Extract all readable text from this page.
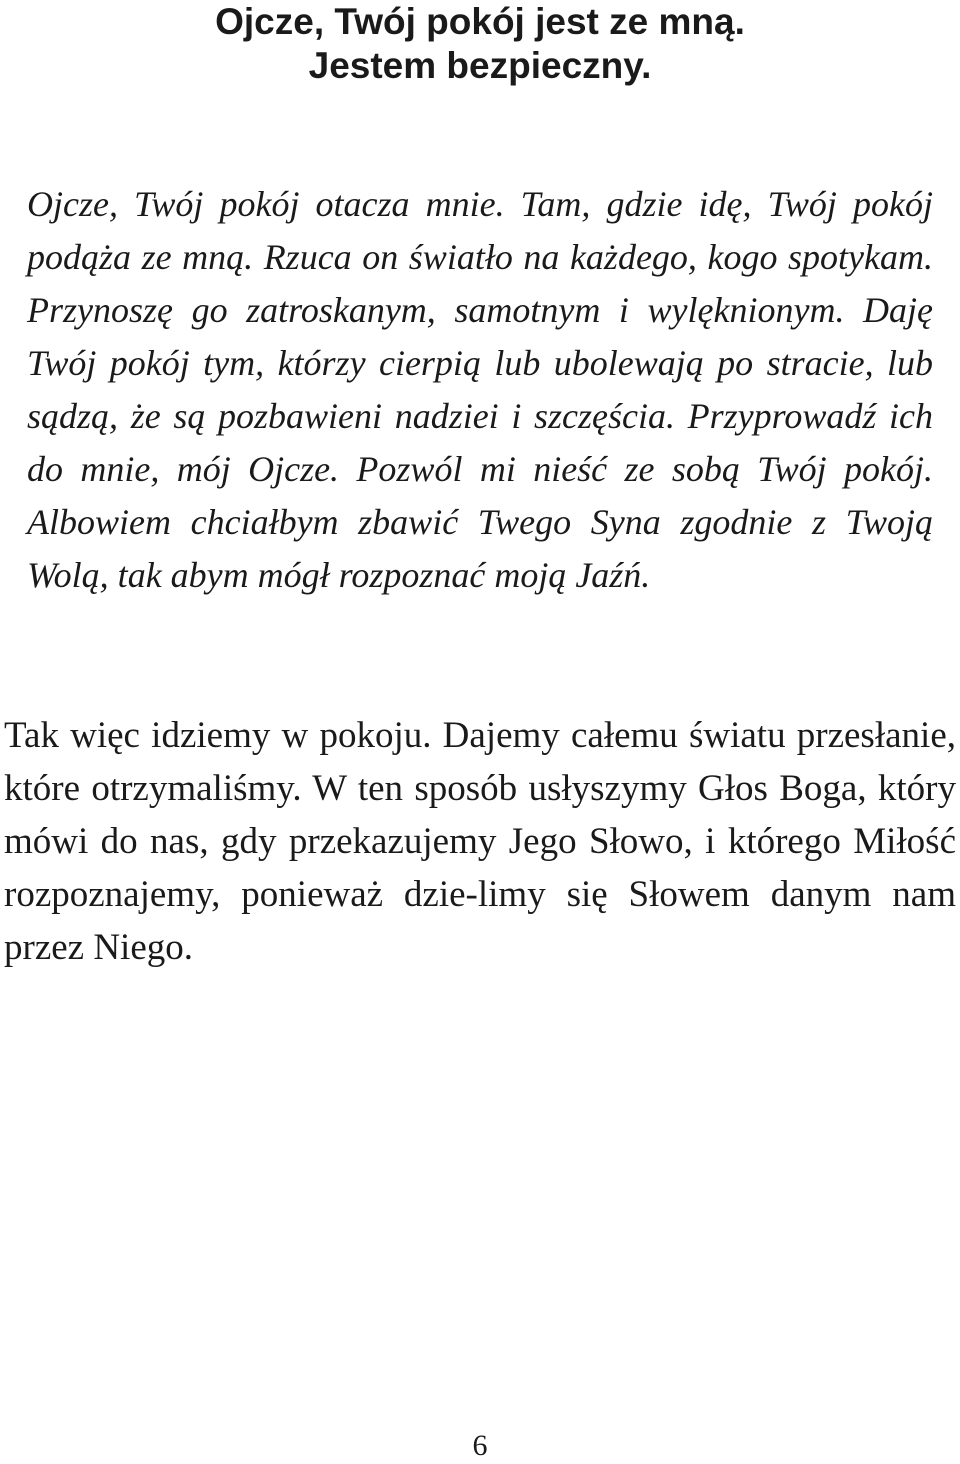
Ojcze, Twój pokój jest ze mną.
Jestem bezpieczny.

Ojcze, Twój pokój otacza mnie. Tam, gdzie idę, Twój pokój podąża ze mną. Rzuca on światło na każdego, kogo spotykam. Przynoszę go zatroskanym, samotnym i wylęknionym. Daję Twój pokój tym, którzy cierpią lub ubolewają po stracie, lub sądzą, że są pozbawieni nadziei i szczęścia. Przyprowadź ich do mnie, mój Ojcze. Pozwól mi nieść ze sobą Twój pokój. Albowiem chciałbym zbawić Twego Syna zgodnie z Twoją Wolą, tak abym mógł rozpoznać moją Jaźń.

Tak więc idziemy w pokoju. Dajemy całemu światu przesłanie, które otrzymaliśmy. W ten sposób usłyszymy Głos Boga, który mówi do nas, gdy przekazujemy Jego Słowo, i którego Miłość rozpoznajemy, ponieważ dzie-limy się Słowem danym nam przez Niego.

6
